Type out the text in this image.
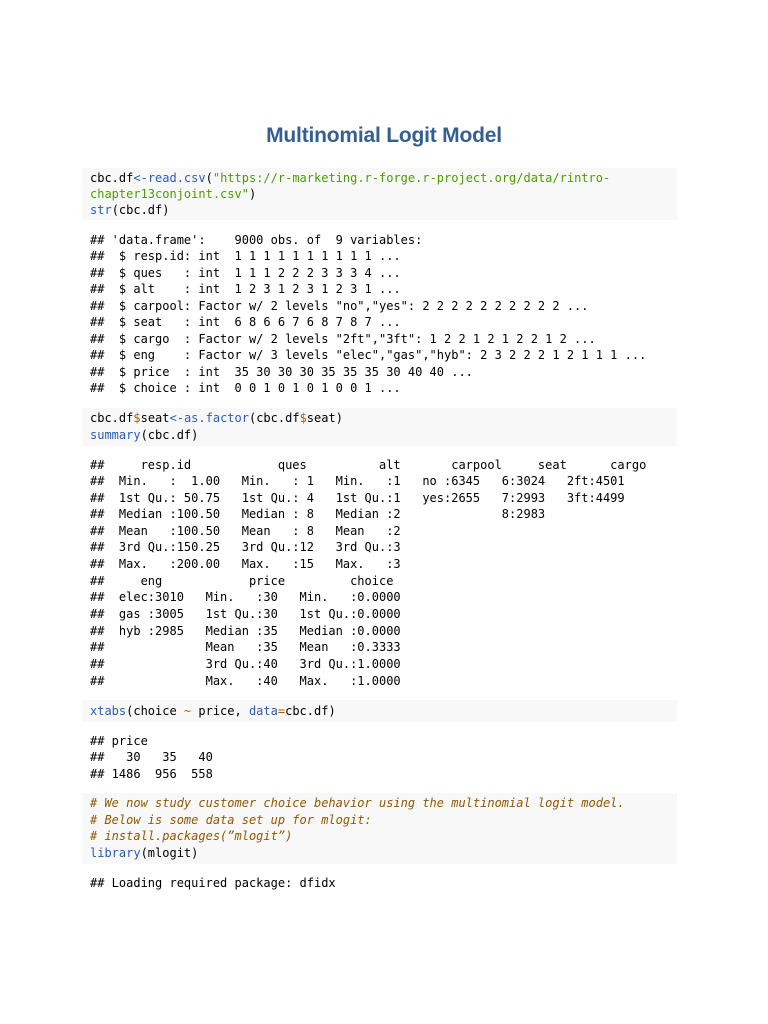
Multinomial Logit Model
cbc.df<-read.csv("https://r-marketing.r-forge.r-project.org/data/rintro-
chapter13conjoint.csv")
str(cbc.df)
## 'data.frame':    9000 obs. of  9 variables:
##  $ resp.id: int  1 1 1 1 1 1 1 1 1 1 ...
##  $ ques   : int  1 1 1 2 2 2 3 3 3 4 ...
##  $ alt    : int  1 2 3 1 2 3 1 2 3 1 ...
##  $ carpool: Factor w/ 2 levels "no","yes": 2 2 2 2 2 2 2 2 2 2 ...
##  $ seat   : int  6 8 6 6 7 6 8 7 8 7 ...
##  $ cargo  : Factor w/ 2 levels "2ft","3ft": 1 2 2 1 2 1 2 2 1 2 ...
##  $ eng    : Factor w/ 3 levels "elec","gas","hyb": 2 3 2 2 2 1 2 1 1 1 ...
##  $ price  : int  35 30 30 30 35 35 35 30 40 40 ...
##  $ choice : int  0 0 1 0 1 0 1 0 0 1 ...
cbc.df$seat<-as.factor(cbc.df$seat)
summary(cbc.df)
##     resp.id            ques          alt       carpool     seat      cargo
##  Min.   :  1.00   Min.   : 1   Min.   :1   no :6345   6:3024   2ft:4501
##  1st Qu.: 50.75   1st Qu.: 4   1st Qu.:1   yes:2655   7:2993   3ft:4499
##  Median :100.50   Median : 8   Median :2              8:2983
##  Mean   :100.50   Mean   : 8   Mean   :2
##  3rd Qu.:150.25   3rd Qu.:12   3rd Qu.:3
##  Max.   :200.00   Max.   :15   Max.   :3
##     eng            price         choice
##  elec:3010   Min.   :30   Min.   :0.0000
##  gas :3005   1st Qu.:30   1st Qu.:0.0000
##  hyb :2985   Median :35   Median :0.0000
##              Mean   :35   Mean   :0.3333
##              3rd Qu.:40   3rd Qu.:1.0000
##              Max.   :40   Max.   :1.0000
xtabs(choice ~ price, data=cbc.df)
## price
##   30   35   40
## 1486  956  558
# We now study customer choice behavior using the multinomial logit model.
# Below is some data set up for mlogit:
# install.packages(”mlogit”)
library(mlogit)
## Loading required package: dfidx
